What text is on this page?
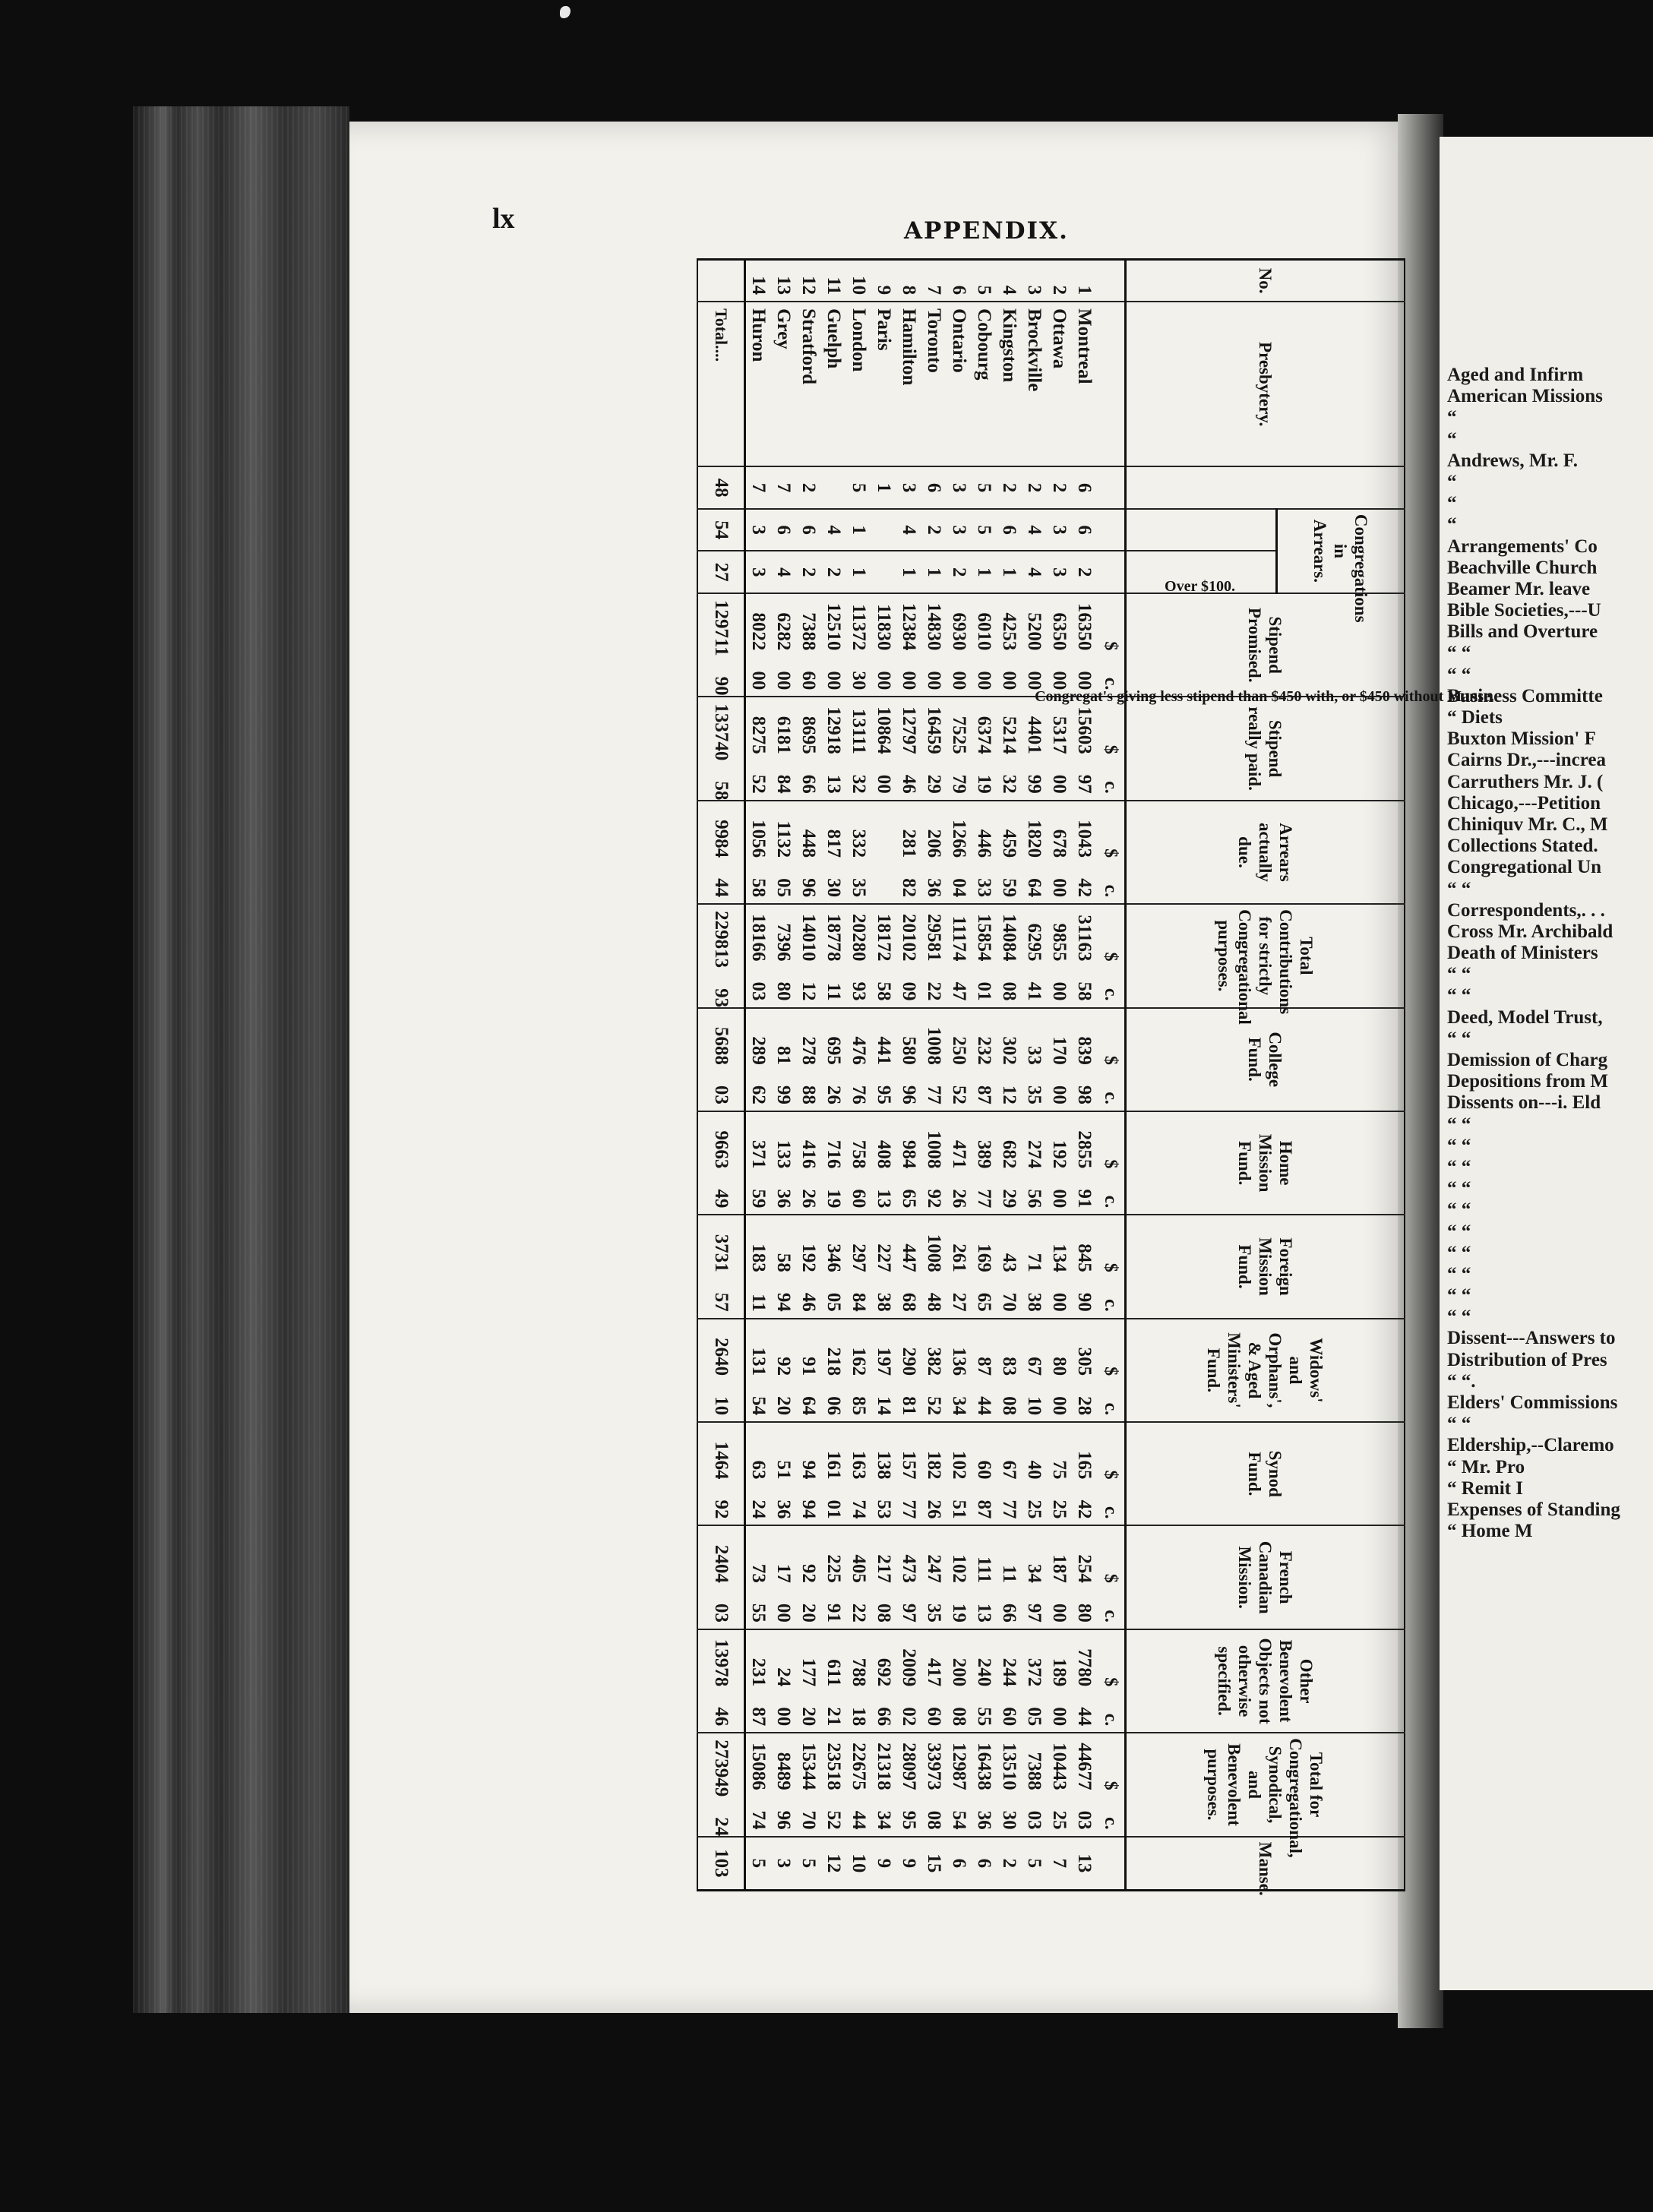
Aged and Infirm
American Missions
“
“
Andrews, Mr. F.
“
“
“
Arrangements' Co
Beachville Church
Beamer Mr. leave
Bible Societies,---U
Bills and Overture
“ “
“ “
Business Committe
“ Diets
Buxton Mission' F
Cairns Dr.,---increa
Carruthers Mr. J. (
Chicago,---Petition
Chiniquv Mr. C., M
Collections Stated.
Congregational Un
“ “
Correspondents,. . .
Cross Mr. Archibald
Death of Ministers
“ “
“ “
Deed, Model Trust,
“ “
Demission of Charg
Depositions from M
Dissents on---i. Eld
“ “
“ “
“ “
“ “
“ “
“ “
“ “
“ “
“ “
“ “
Dissent---Answers to
Distribution of Pres
“ “.
Elders' Commissions
“ “
Eldership,--Claremo
“ Mr. Pro
“ Remit I
Expenses of Standing
“ Home M
lx	APPENDIX.
No.	Presbytery.	Congregat's giving less stipend than $450 with, or $450 without Manse.	Congregations in Arrears.		Stipend Promised.	Stipend really paid.	Arrears actually due.	Total Contributions for strictly Congregational purposes.	College Fund.	Home Mission Fund.	Foreign Mission Fund.	Widows' and Orphans', & Aged Ministers' Fund.	Synod Fund.	French Canadian Mission.	Other Benevolent Objects not otherwise specified.	Total for Congregational, Synodical, and Benevolent purposes.	Manse.
				Over $100.													
					$c.	$c.	$c.	$c.	$c.	$c.	$c.	$c.	$c.	$c.	$c.	$c.	
1	Montreal	6	6	2	1635000	1560397	104342	3116358	83998	285591	84590	30528	16542	25480	778044	4467703	13
2	Ottawa	2	3	3	635000	531700	67800	985500	17000	19200	13400	8000	7525	18700	18900	1044325	7
3	Brockville	2	4	4	520000	440199	182064	629541	3335	27456	7138	6710	4025	3497	37205	738803	5
4	Kingston	2	6	1	425300	521432	45959	1408408	30212	68229	4370	8308	6777	1166	24460	1351030	2
5	Cobourg	5	5	1	601000	637419	44633	1585401	23287	38977	16965	8744	6087	11113	24055	1643836	6
6	Ontario	3	3	2	693000	752579	126604	1117447	25052	47126	26127	13634	10251	10219	20008	1298754	6
7	Toronto	6	2	1	1483000	1645929	20636	2958122	100877	100892	100848	38252	18226	24735	41760	3397308	15
8	Hamilton	3	4	1	1238400	1279746	28182	2010209	58096	98465	44768	29081	15777	47397	200902	2809795	9
9	Paris	1			1183000	1086400		1817258	44195	40813	22738	19714	13853	21708	69266	2131834	9
10	London	5	1	1	1137230	1311132	33235	2028093	47676	75860	29784	16285	16374	40522	78818	2267544	10
11	Guelph		4	2	1251000	1291813	81730	1877811	69526	71619	34605	21806	16101	22591	61121	2351852	12
12	Stratford	2	6	2	738860	869566	44896	1401012	27888	41626	19246	9164	9494	9220	17720	1534470	5
13	Grey	7	6	4	628200	618184	113205	739680	8199	13336	5894	9220	5136	1700	2400	848996	3
14	Huron	7	3	3	802200	827552	105658	1816603	28962	37159	18311	13154	6324	7355	23187	1508674	5
	Total....	48	54	27	12971190	13374058	998444	22981393	568803	966349	373157	264010	146492	240403	1397846	27394924	103
